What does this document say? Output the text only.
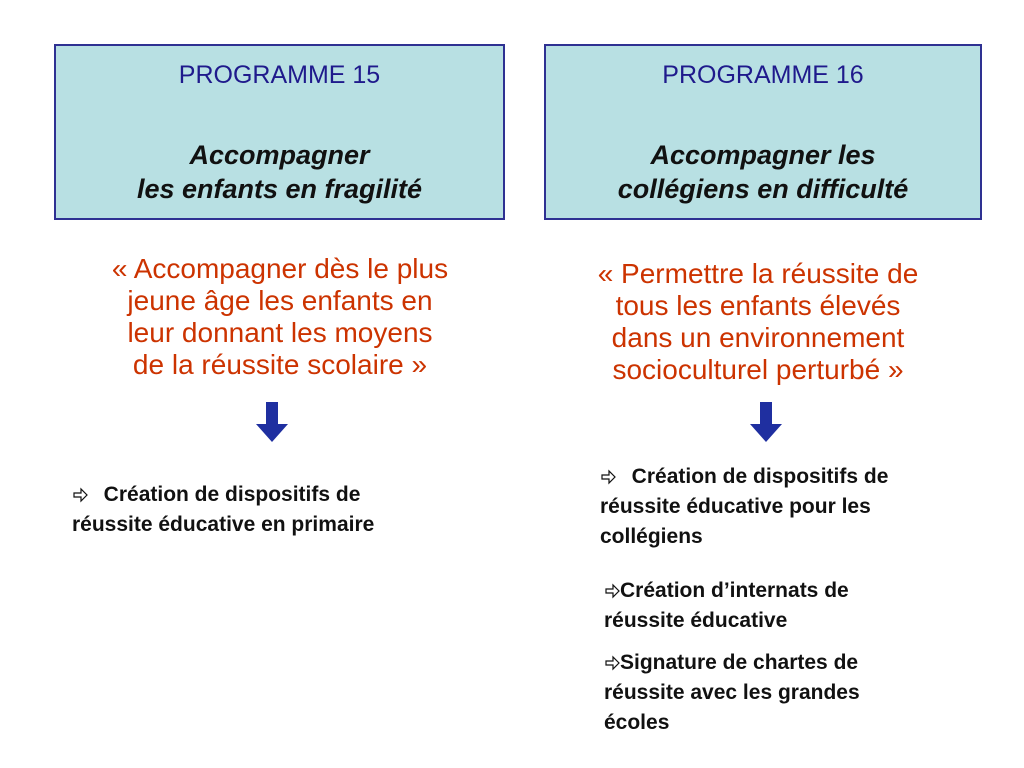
PROGRAMME 15
Accompagner
les enfants en fragilité
PROGRAMME 16
Accompagner les
collégiens en difficulté
« Accompagner dès le plus
jeune âge les enfants en
leur donnant les moyens
de la réussite scolaire »
« Permettre la réussite de
tous les enfants élevés
dans un environnement
socioculturel perturbé »
Création de dispositifs de
réussite éducative en primaire
Création de dispositifs de
réussite éducative pour les
collégiens
Création d’internats de
réussite éducative
Signature de chartes de
réussite avec les grandes
écoles
